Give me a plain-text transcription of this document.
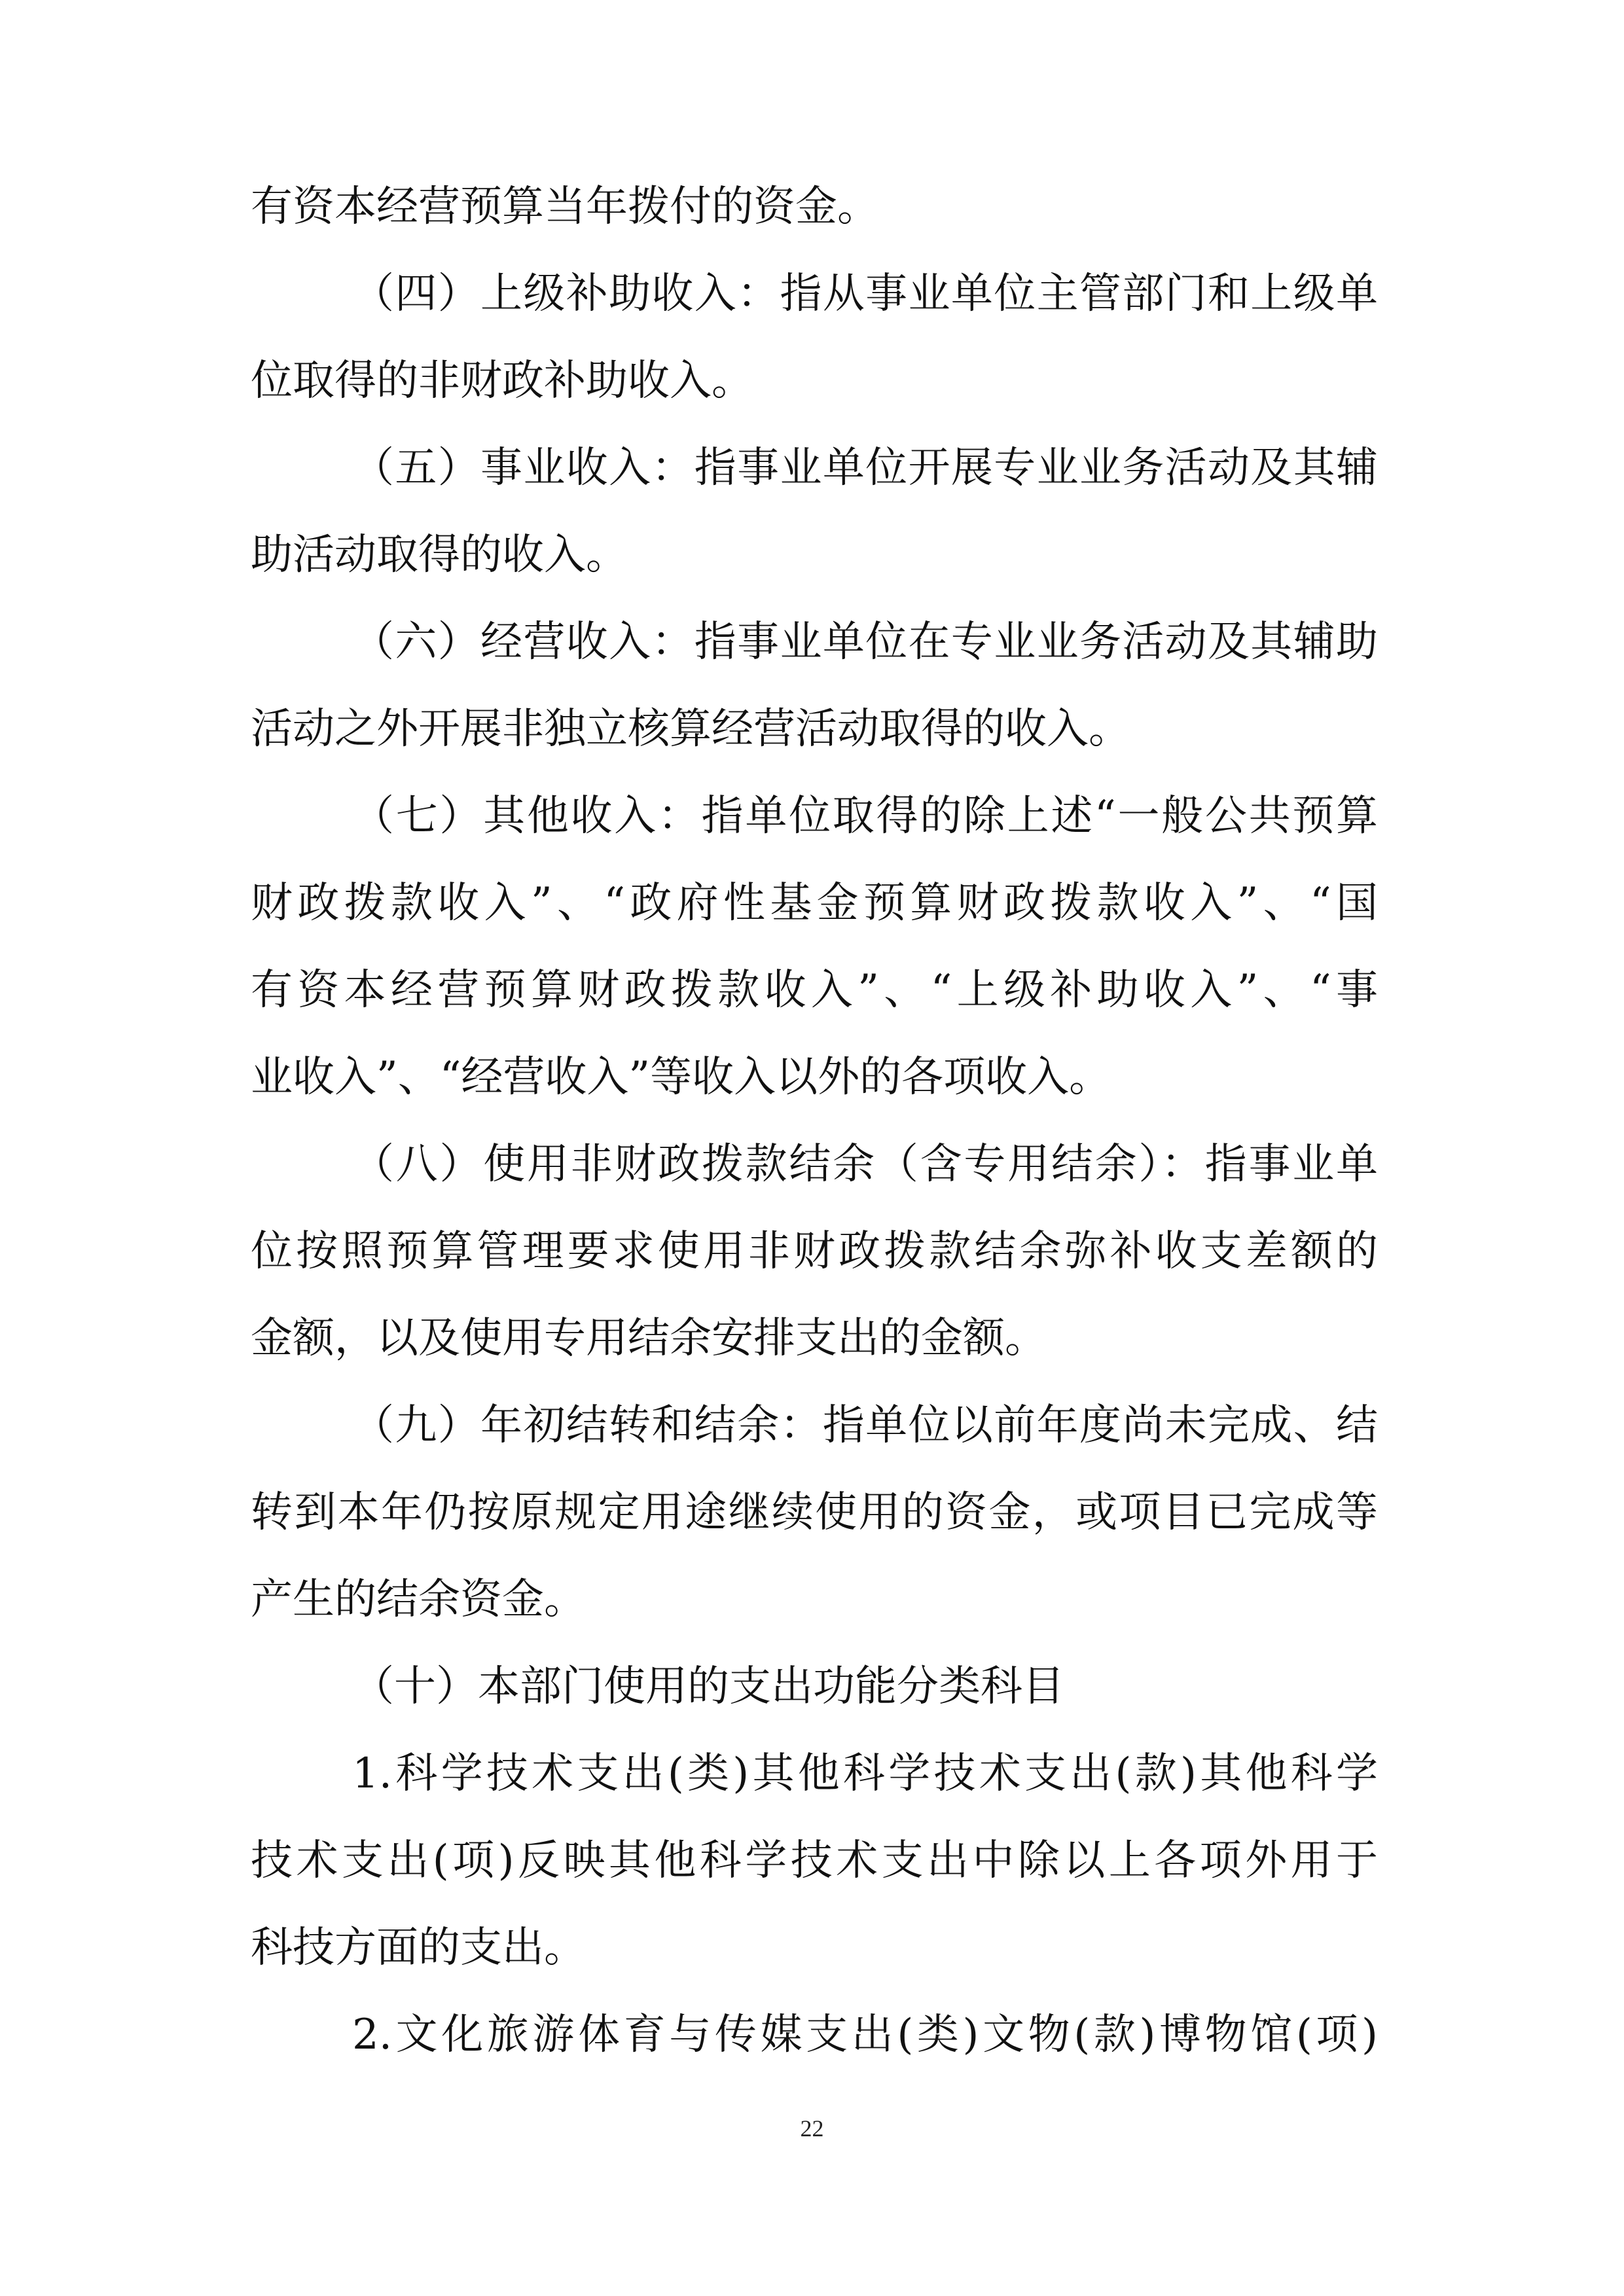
有资本经营预算当年拨付的资金。
（四）上级补助收入：指从事业单位主管部门和上级单
位取得的非财政补助收入。
（五）事业收入：指事业单位开展专业业务活动及其辅
助活动取得的收入。
（六）经营收入：指事业单位在专业业务活动及其辅助
活动之外开展非独立核算经营活动取得的收入。
（七）其他收入：指单位取得的除上述“一般公共预算
财政拨款收入”、“政府性基金预算财政拨款收入”、“国
有资本经营预算财政拨款收入”、“上级补助收入”、“事
业收入”、“经营收入”等收入以外的各项收入。
（八）使用非财政拨款结余（含专用结余）：指事业单
位按照预算管理要求使用非财政拨款结余弥补收支差额的
金额，以及使用专用结余安排支出的金额。
（九）年初结转和结余：指单位以前年度尚未完成、结
转到本年仍按原规定用途继续使用的资金，或项目已完成等
产生的结余资金。
（十）本部门使用的支出功能分类科目
1.科学技术支出(类)其他科学技术支出(款)其他科学
技术支出(项)反映其他科学技术支出中除以上各项外用于
科技方面的支出。
2.文化旅游体育与传媒支出(类)文物(款)博物馆(项)
22
